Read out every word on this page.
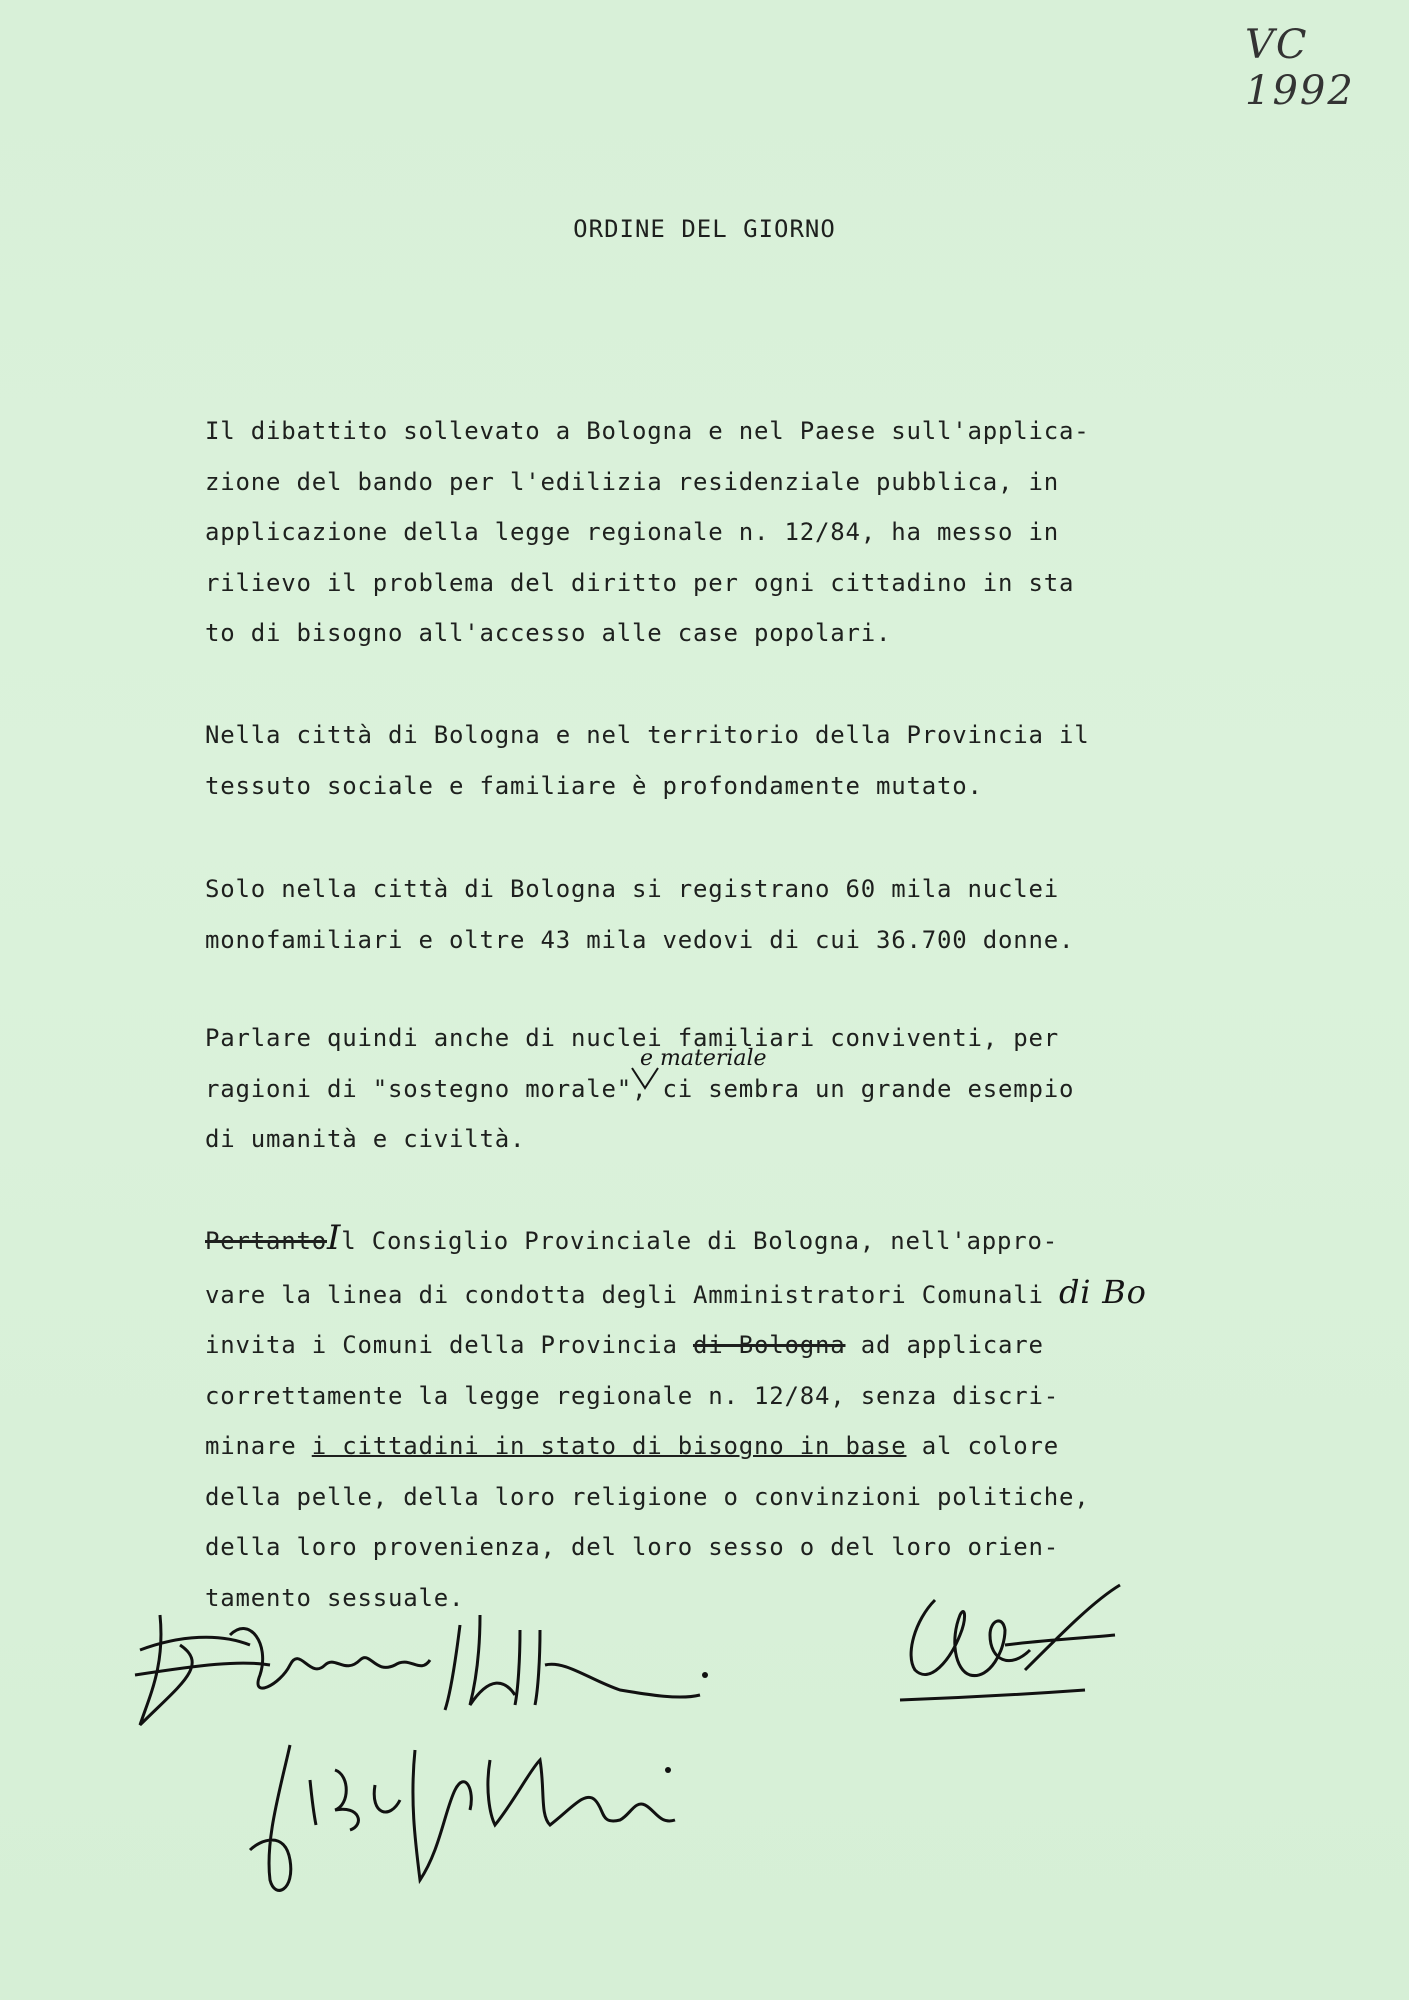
VC 1992
ORDINE DEL GIORNO
Il dibattito sollevato a Bologna e nel Paese sull'applica-
zione del bando per l'edilizia residenziale pubblica, in
applicazione della legge regionale n. 12/84, ha messo in
rilievo il problema del diritto per ogni cittadino in sta
to di bisogno all'accesso alle case popolari.
Nella città di Bologna e nel territorio della Provincia il
tessuto sociale e familiare è profondamente mutato.
Solo nella città di Bologna si registrano 60 mila nuclei
monofamiliari e oltre 43 mila vedovi di cui 36.700 donne.
Parlare quindi anche di nuclei familiari conviventi, per
ragioni di "sostegno morale", ci sembra un grande esempio
di umanità e civiltà.
e materiale
PertantoIl Consiglio Provinciale di Bologna, nell'appro-
vare la linea di condotta degli Amministratori Comunali di Bo
invita i Comuni della Provincia di Bologna ad applicare
correttamente la legge regionale n. 12/84, senza discri-
minare i cittadini in stato di bisogno in base al colore
della pelle, della loro religione o convinzioni politiche,
della loro provenienza, del loro sesso o del loro orien-
tamento sessuale.
